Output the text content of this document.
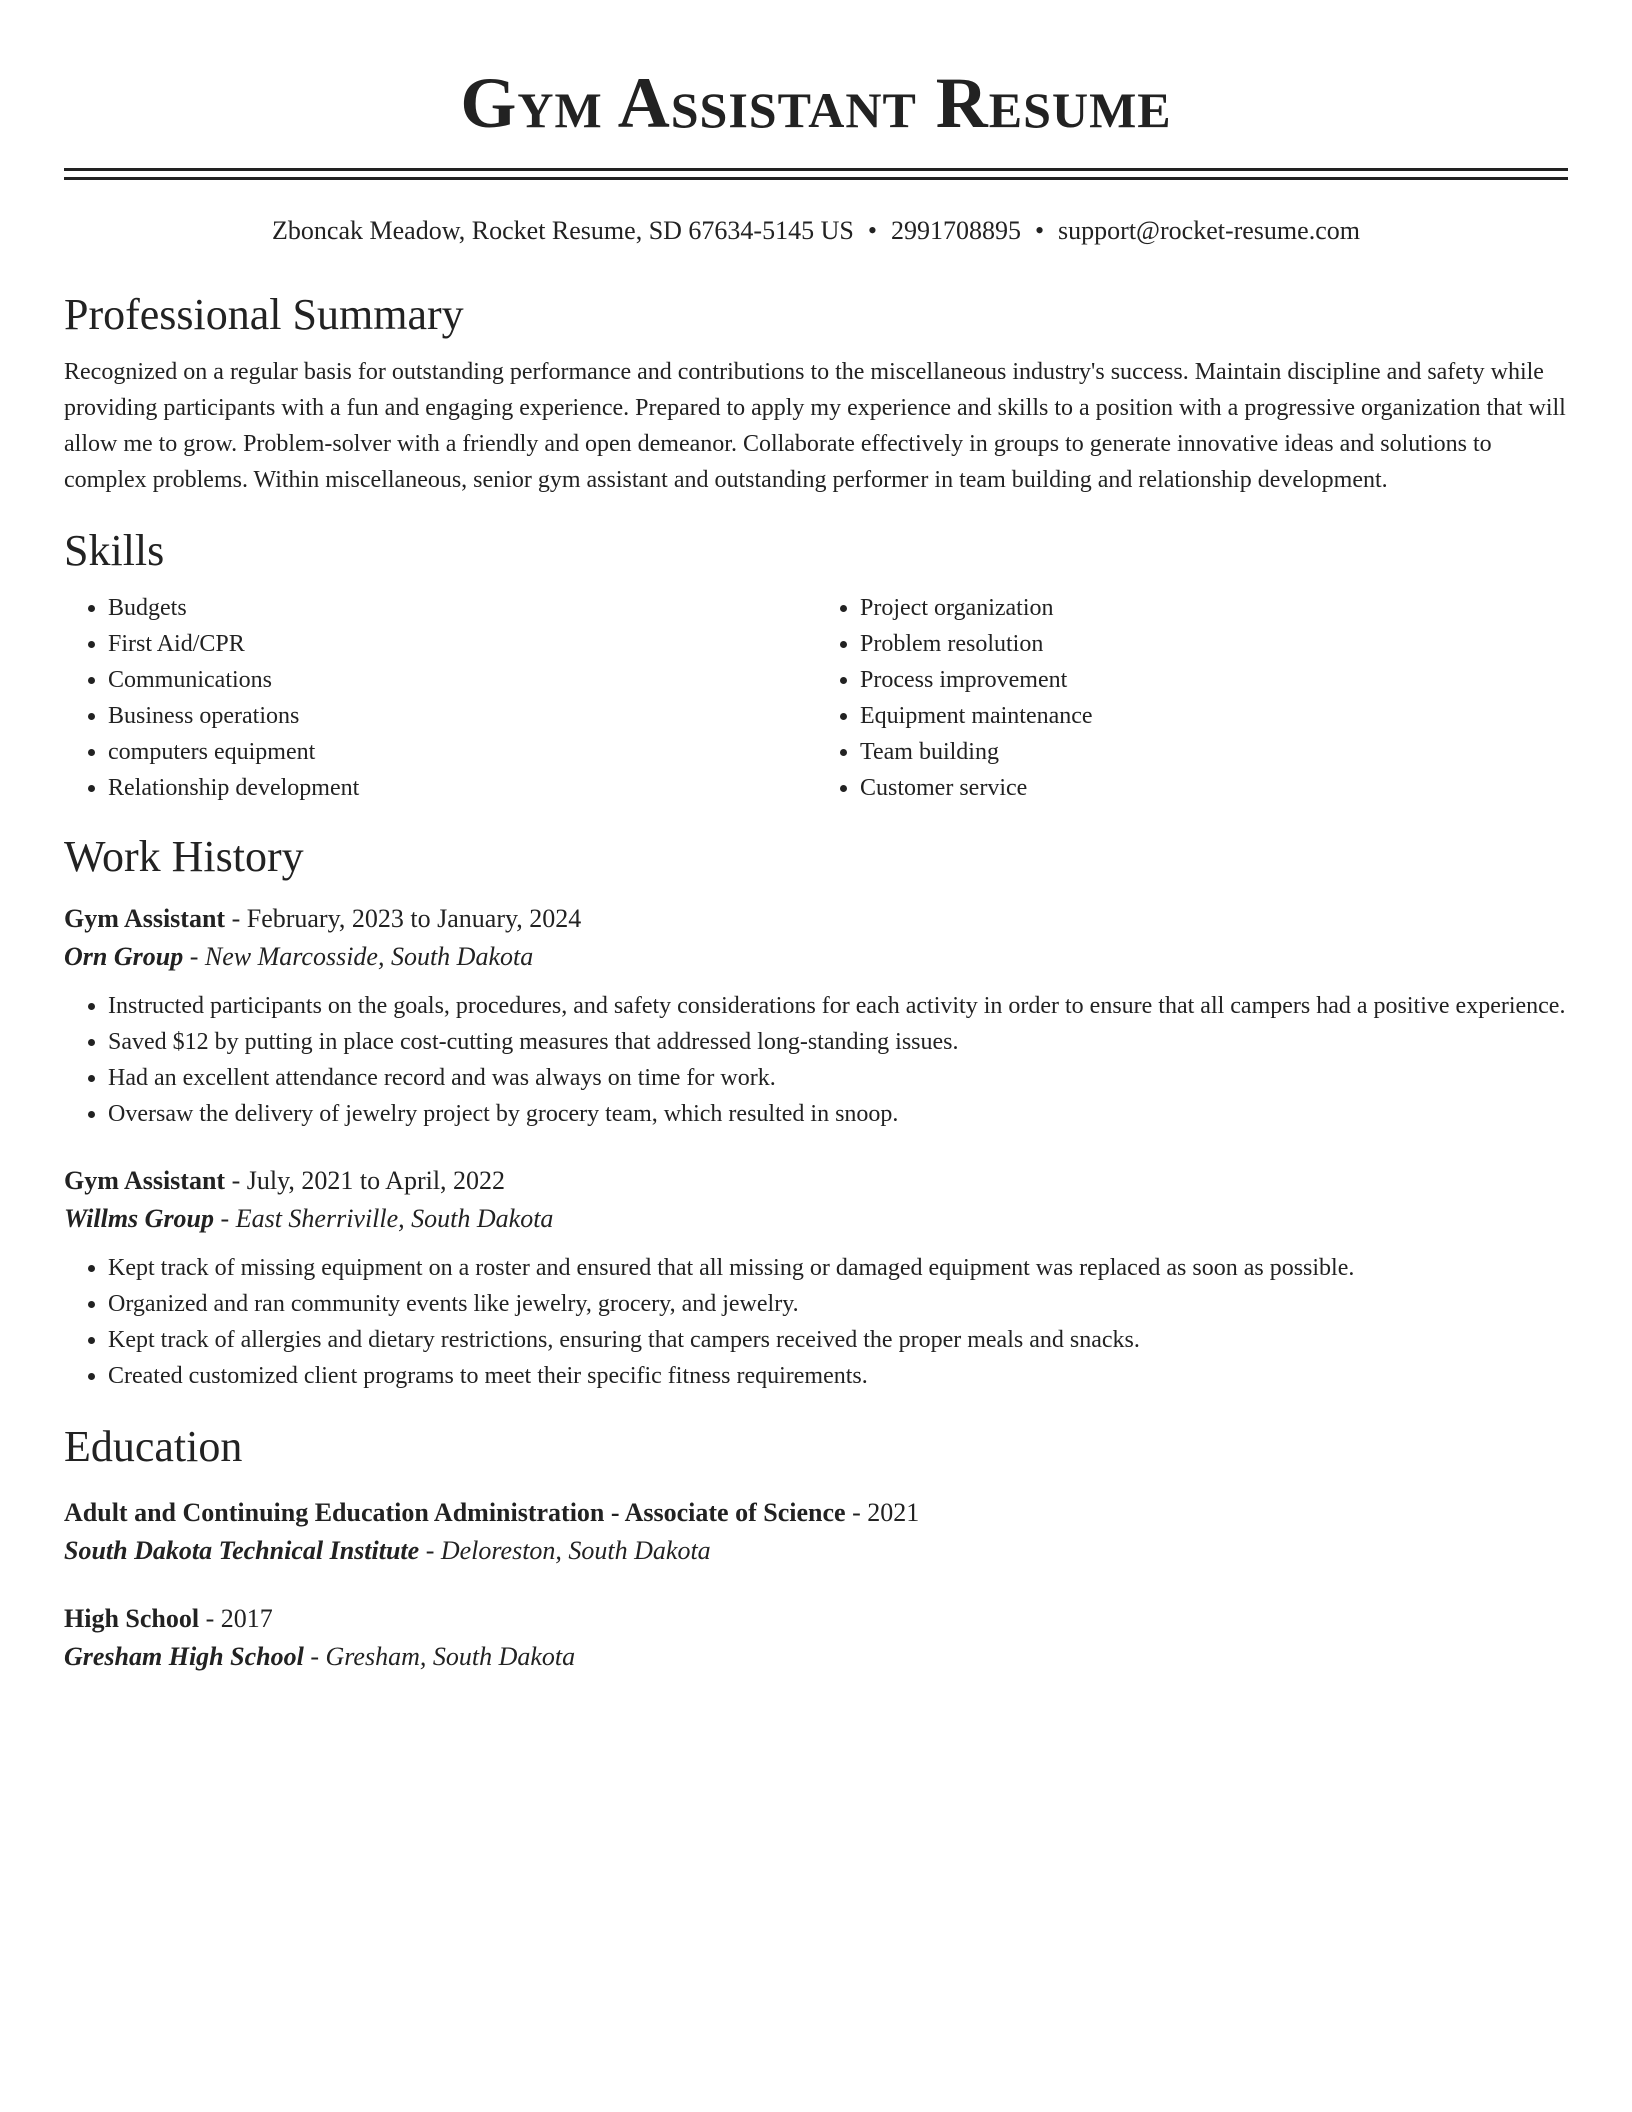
Gym Assistant Resume
Zboncak Meadow, Rocket Resume, SD 67634-5145 US • 2991708895 • support@rocket-resume.com
Professional Summary

Recognized on a regular basis for outstanding performance and contributions to the miscellaneous industry's success. Maintain discipline and safety while providing participants with a fun and engaging experience. Prepared to apply my experience and skills to a position with a progressive organization that will allow me to grow. Problem-solver with a friendly and open demeanor. Collaborate effectively in groups to generate innovative ideas and solutions to complex problems. Within miscellaneous, senior gym assistant and outstanding performer in team building and relationship development.

Skills
• Budgets
• First Aid/CPR
• Communications
• Business operations
• computers equipment
• Relationship development
• Project organization
• Problem resolution
• Process improvement
• Equipment maintenance
• Team building
• Customer service
Work History
Gym Assistant - February, 2023 to January, 2024
Orn Group - New Marcosside, South Dakota
• Instructed participants on the goals, procedures, and safety considerations for each activity in order to ensure that all campers had a positive experience.
• Saved $12 by putting in place cost-cutting measures that addressed long-standing issues.
• Had an excellent attendance record and was always on time for work.
• Oversaw the delivery of jewelry project by grocery team, which resulted in snoop.
Gym Assistant - July, 2021 to April, 2022
Willms Group - East Sherriville, South Dakota
• Kept track of missing equipment on a roster and ensured that all missing or damaged equipment was replaced as soon as possible.
• Organized and ran community events like jewelry, grocery, and jewelry.
• Kept track of allergies and dietary restrictions, ensuring that campers received the proper meals and snacks.
• Created customized client programs to meet their specific fitness requirements.
Education
Adult and Continuing Education Administration - Associate of Science - 2021
South Dakota Technical Institute - Deloreston, South Dakota
High School - 2017
Gresham High School - Gresham, South Dakota
